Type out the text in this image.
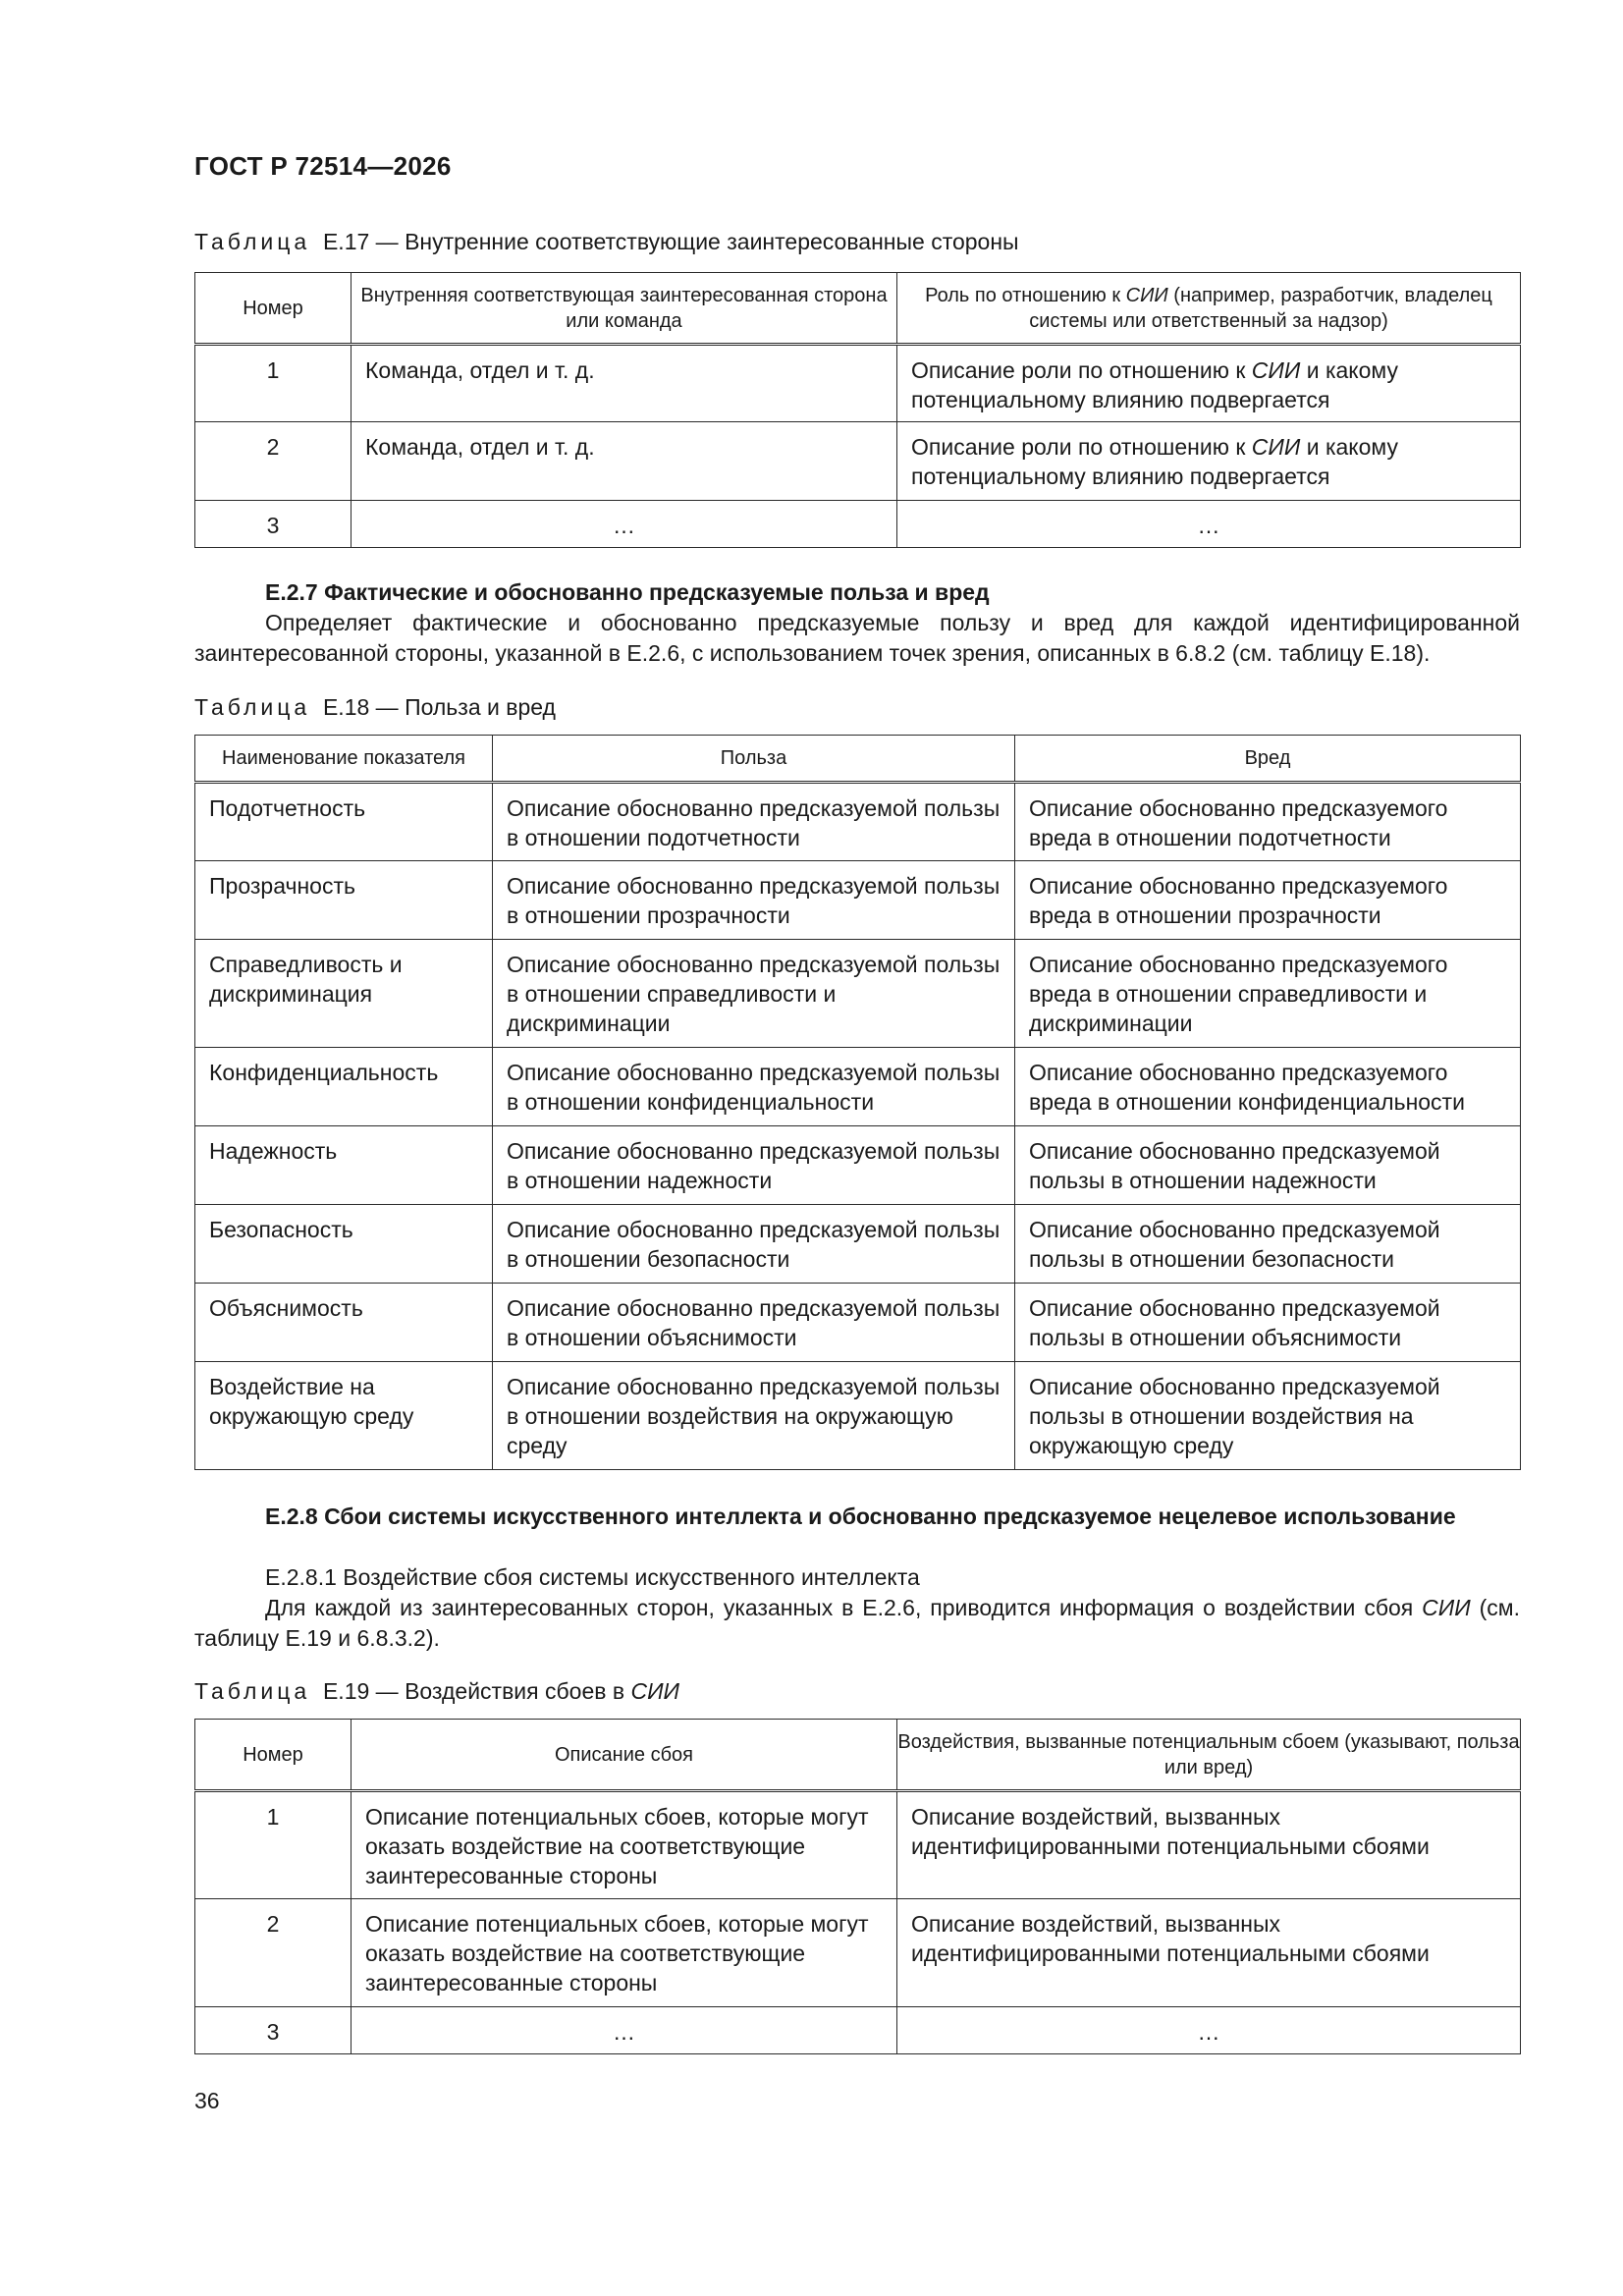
ГОСТ Р 72514—2026
Таблица Е.17 — Внутренние соответствующие заинтересованные стороны
Номер	Внутренняя соответствующая заинтересованная сторона или команда	Роль по отношению к СИИ (например, разработчик, владелец системы или ответственный за надзор)
1	Команда, отдел и т. д.	Описание роли по отношению к СИИ и какому потенциальному влиянию подвергается
2	Команда, отдел и т. д.	Описание роли по отношению к СИИ и какому потенциальному влиянию подвергается
3	…	…
Е.2.7 Фактические и обоснованно предсказуемые польза и вред
Определяет фактические и обоснованно предсказуемые пользу и вред для каждой идентифицированной заинтересованной стороны, указанной в Е.2.6, с использованием точек зрения, описанных в 6.8.2 (см. таблицу Е.18).
Таблица Е.18 — Польза и вред
Наименование показателя	Польза	Вред
Подотчетность	Описание обоснованно предсказуемой пользы в отношении подотчетности	Описание обоснованно предсказуемого вреда в отношении подотчетности
Прозрачность	Описание обоснованно предсказуемой пользы в отношении прозрачности	Описание обоснованно предсказуемого вреда в отношении прозрачности
Справедливость и дискриминация	Описание обоснованно предсказуемой пользы в отношении справедливости и дискриминации	Описание обоснованно предсказуемого вреда в отношении справедливости и дискриминации
Конфиденциальность	Описание обоснованно предсказуемой пользы в отношении конфиденциальности	Описание обоснованно предсказуемого вреда в отношении конфиденциальности
Надежность	Описание обоснованно предсказуемой пользы в отношении надежности	Описание обоснованно предсказуемой пользы в отношении надежности
Безопасность	Описание обоснованно предсказуемой пользы в отношении безопасности	Описание обоснованно предсказуемой пользы в отношении безопасности
Объяснимость	Описание обоснованно предсказуемой пользы в отношении объяснимости	Описание обоснованно предсказуемой пользы в отношении объяснимости
Воздействие на окружающую среду	Описание обоснованно предсказуемой пользы в отношении воздействия на окружающую среду	Описание обоснованно предсказуемой пользы в отношении воздействия на окружающую среду
Е.2.8 Сбои системы искусственного интеллекта и обоснованно предсказуемое нецелевое использование
Е.2.8.1 Воздействие сбоя системы искусственного интеллекта
Для каждой из заинтересованных сторон, указанных в Е.2.6, приводится информация о воздействии сбоя СИИ (см. таблицу Е.19 и 6.8.3.2).
Таблица Е.19 — Воздействия сбоев в СИИ
Номер	Описание сбоя	Воздействия, вызванные потенциальным сбоем (указывают, польза или вред)
1	Описание потенциальных сбоев, которые могут оказать воздействие на соответствующие заинтересованные стороны	Описание воздействий, вызванных идентифицированными потенциальными сбоями
2	Описание потенциальных сбоев, которые могут оказать воздействие на соответствующие заинтересованные стороны	Описание воздействий, вызванных идентифицированными потенциальными сбоями
3	…	…
36
